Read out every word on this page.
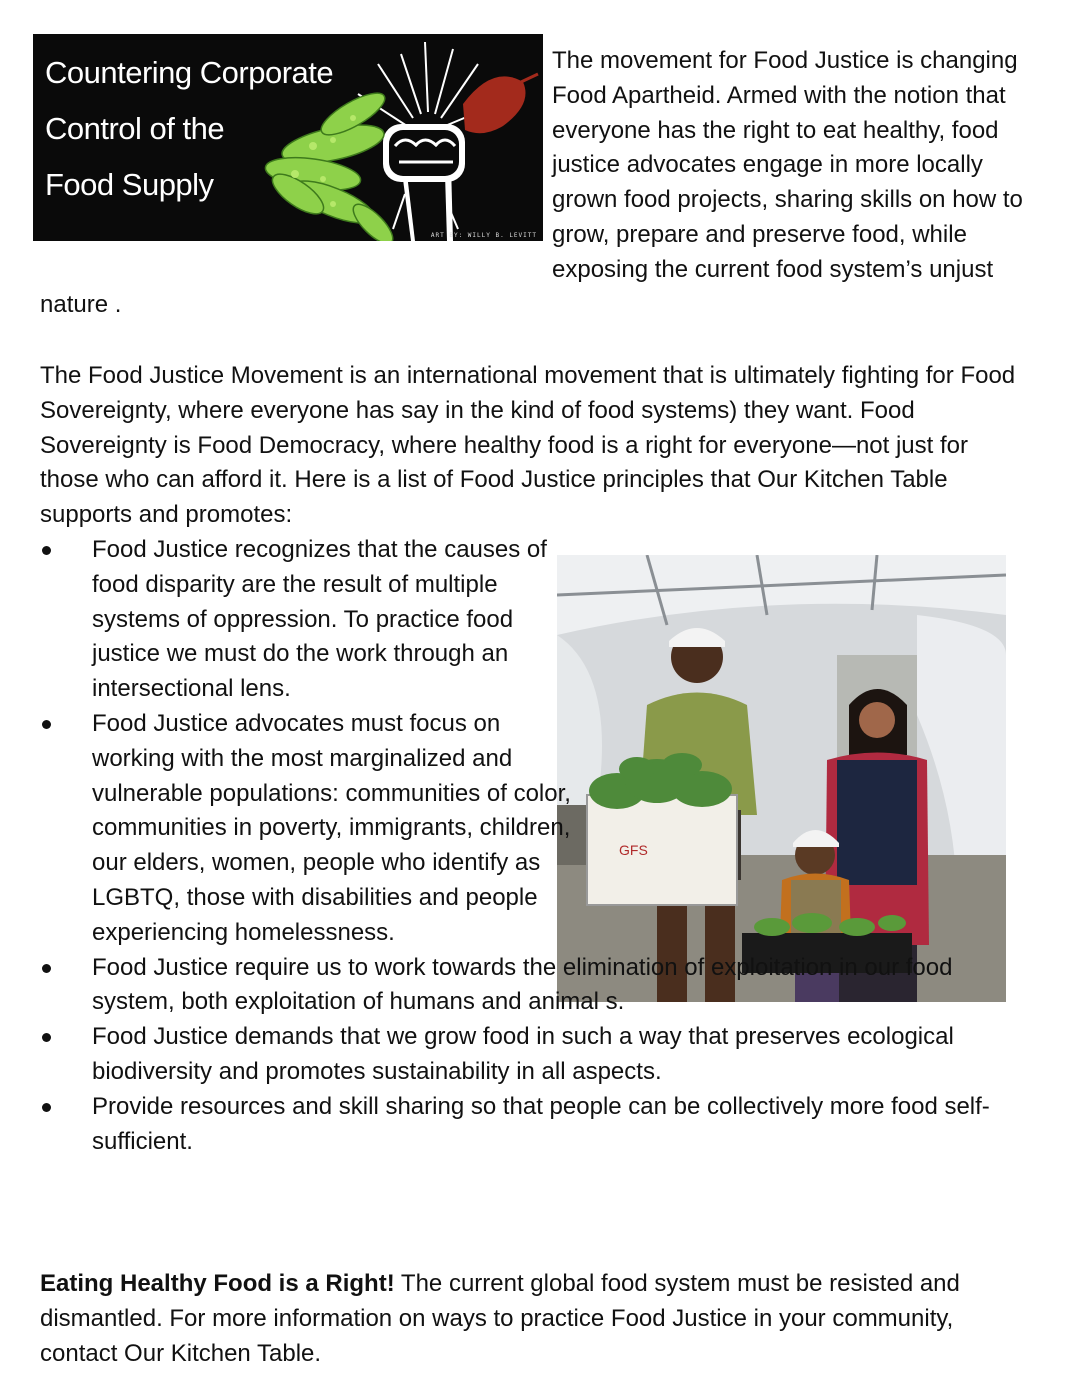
The movement for Food Justice is changing Food Apartheid. Armed with the notion that everyone has the right to eat healthy, food justice advocates engage in more locally grown food projects, sharing skills on how to grow, prepare and preserve food, while exposing the current food system’s unjust nature .

Countering Corporate
Control of the
Food Supply
ART BY: WILLY B. LEVITT

The Food Justice Movement is an international movement that is ultimately fighting for Food Sovereignty, where everyone has say in the kind of food systems) they want. Food Sovereignty is Food Democracy, where healthy food is a right for everyone—not just for those who can afford it. Here is a list of Food Justice principles that Our Kitchen Table supports and promotes:

GFS
Food Justice recognizes that the causes of food disparity are the result of multiple systems of oppression. To practice food justice we must do the work through an intersectional lens.
Food Justice advocates must focus on working with the most marginalized and vulnerable populations: communities of color, communities in poverty, immigrants, children, our elders, women, people who identify as LGBTQ, those with disabilities and people experiencing homelessness.
Food Justice require us to work towards the elimination of exploitation in our food system, both exploitation of humans and animal s.
Food Justice demands that we grow food in such a way that preserves ecological biodiversity and promotes sustainability in all aspects.
Provide resources and skill sharing so that people can be collectively more food self-sufficient.

Eating Healthy Food is a Right! The current global food system must be resisted and dismantled. For more information on ways to practice Food Justice in your community, contact Our Kitchen Table.
